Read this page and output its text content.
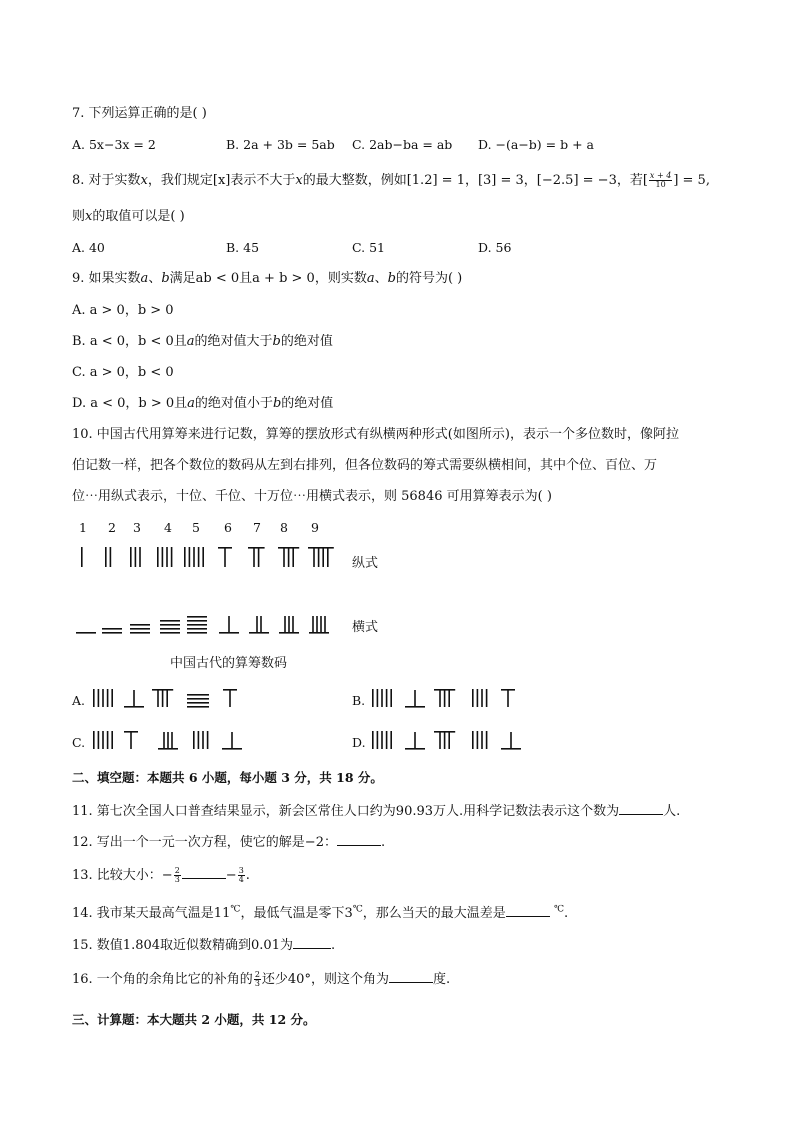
7. 下列运算正确的是( )
A. 5x−3x = 2	B. 2a + 3b = 5ab C. 2ab−ba = ab D. −(a−b) = b + a
8. 对于实数x，我们规定[x]表示不大于x的最大整数，例如[1.2] = 1，[3] = 3，[−2.5] = −3，若[ $\frac{x + 4}{10}$ ] = 5,
则x的取值可以是( )
A. 40	B. 45	C. 51	D. 56
9. 如果实数a、b满足ab < 0且a + b > 0，则实数a、b的符号为( )
A. a > 0，b > 0
B. a < 0，b < 0且a的绝对值大于b的绝对值
C. a > 0，b < 0
D. a < 0，b > 0且a的绝对值小于b的绝对值
10. 中国古代用算筹来进行记数，算筹的摆放形式有纵横两种形式(如图所示)，表示一个多位数时，像阿拉
伯记数一样，把各个数位的数码从左到右排列，但各位数码的筹式需要纵横相间，其中个位、百位、万
位⋯用纵式表示，十位、千位、十万位⋯用横式表示，则 56846 可用算筹表示为( )
1 2 3 4 5 6 7 8 9
纵式
横式
中国古代的算筹数码
A.	B.
C.	D.
二、填空题：本题共 6 小题，每小题 3 分，共 18 分。
11. 第七次全国人口普查结果显示，新会区常住人口约为90.93万人.用科学记数法表示这个数为	人.
12. 写出一个一元一次方程，使它的解是−2：	.
13. 比较大小：− $\frac{2}{3}$	− $\frac{3}{4}$ .
14. 我市某天最高气温是11℃，最低气温是零下3℃，那么当天的最大温差是	℃.
15. 数值1.804取近似数精确到0.01为	.
16. 一个角的余角比它的补角的 $\frac{2}{3}$ 还少40°，则这个角为	度.
三、计算题：本大题共 2 小题，共 12 分。
